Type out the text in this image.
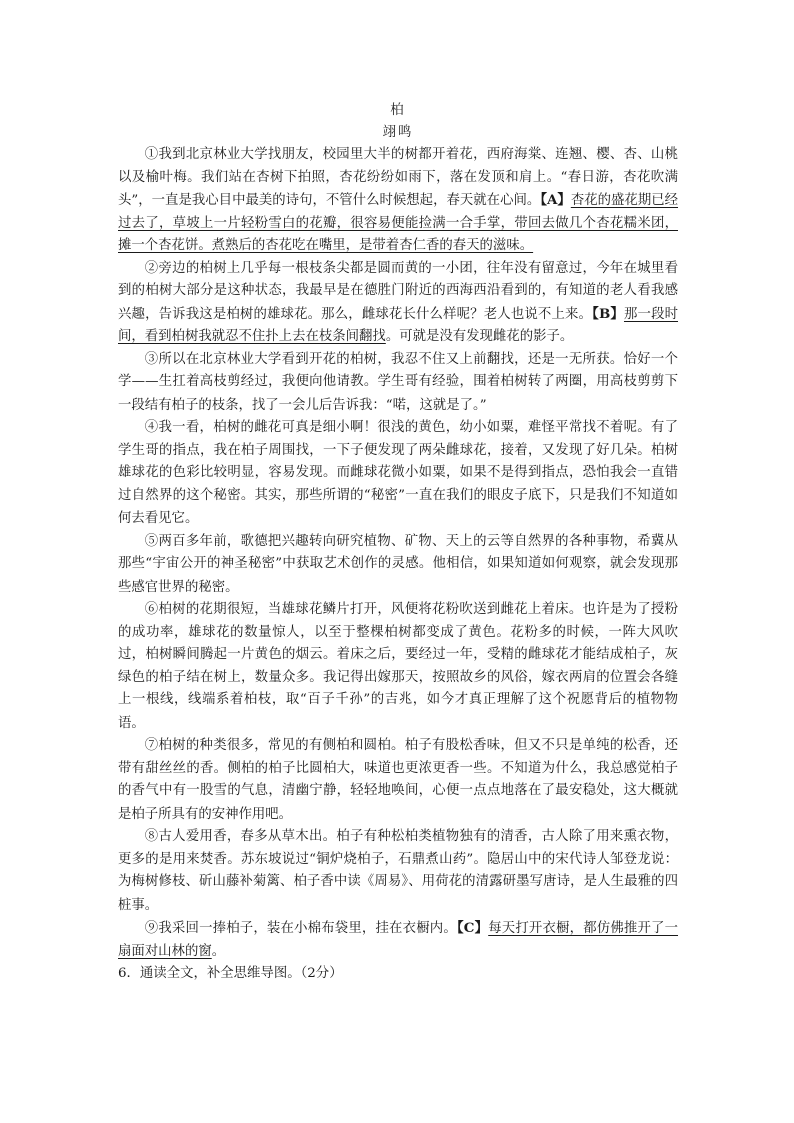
柏

翊鸣

①我到北京林业大学找朋友，校园里大半的树都开着花，西府海棠、连翘、樱、杏、山桃以及榆叶梅。我们站在杏树下拍照，杏花纷纷如雨下，落在发顶和肩上。“春日游，杏花吹满头”，一直是我心目中最美的诗句，不管什么时候想起，春天就在心间。【A】杏花的盛花期已经过去了，草坡上一片轻粉雪白的花瓣，很容易便能捡满一合手掌，带回去做几个杏花糯米团，摊一个杏花饼。煮熟后的杏花吃在嘴里，是带着杏仁香的春天的滋味。

②旁边的柏树上几乎每一根枝条尖都是圆而黄的一小团，往年没有留意过，今年在城里看到的柏树大部分是这种状态，我最早是在德胜门附近的西海西沿看到的，有知道的老人看我感兴趣，告诉我这是柏树的雄球花。那么，雌球花长什么样呢？老人也说不上来。【B】那一段时间，看到柏树我就忍不住扑上去在枝条间翻找。可就是没有发现雌花的影子。

③所以在北京林业大学看到开花的柏树，我忍不住又上前翻找，还是一无所获。恰好一个学——生扛着高枝剪经过，我便向他请教。学生哥有经验，围着柏树转了两圈，用高枝剪剪下一段结有柏子的枝条，找了一会儿后告诉我：“喏，这就是了。”

④我一看，柏树的雌花可真是细小啊！很浅的黄色，幼小如粟，难怪平常找不着呢。有了学生哥的指点，我在柏子周围找，一下子便发现了两朵雌球花，接着，又发现了好几朵。柏树雄球花的色彩比较明显，容易发现。而雌球花微小如粟，如果不是得到指点，恐怕我会一直错过自然界的这个秘密。其实，那些所谓的“秘密”一直在我们的眼皮子底下，只是我们不知道如何去看见它。

⑤两百多年前，歌德把兴趣转向研究植物、矿物、天上的云等自然界的各种事物，希冀从那些“宇宙公开的神圣秘密”中获取艺术创作的灵感。他相信，如果知道如何观察，就会发现那些感官世界的秘密。

⑥柏树的花期很短，当雄球花鳞片打开，风便将花粉吹送到雌花上着床。也许是为了授粉的成功率，雄球花的数量惊人，以至于整棵柏树都变成了黄色。花粉多的时候，一阵大风吹过，柏树瞬间腾起一片黄色的烟云。着床之后，要经过一年，受精的雌球花才能结成柏子，灰绿色的柏子结在树上，数量众多。我记得出嫁那天，按照故乡的风俗，嫁衣两肩的位置会各缝上一根线，线端系着柏枝，取“百子千孙”的吉兆，如今才真正理解了这个祝愿背后的植物物语。

⑦柏树的种类很多，常见的有侧柏和圆柏。柏子有股松香味，但又不只是单纯的松香，还带有甜丝丝的香。侧柏的柏子比圆柏大，味道也更浓更香一些。不知道为什么，我总感觉柏子的香气中有一股雪的气息，清幽宁静，轻轻地唤间，心便一点点地落在了最安稳处，这大概就是柏子所具有的安神作用吧。

⑧古人爱用香，春多从草木出。柏子有种松柏类植物独有的清香，古人除了用来熏衣物，更多的是用来焚香。苏东坡说过“铜炉烧柏子，石鼎煮山药”。隐居山中的宋代诗人邹登龙说：为梅树修枝、斫山藤补菊篱、柏子香中读《周易》、用荷花的清露研墨写唐诗，是人生最雅的四桩事。

⑨我采回一捧柏子，装在小棉布袋里，挂在衣橱内。【C】每天打开衣橱，都仿佛推开了一扇面对山林的窗。

6．通读全文，补全思维导图。（2分）
